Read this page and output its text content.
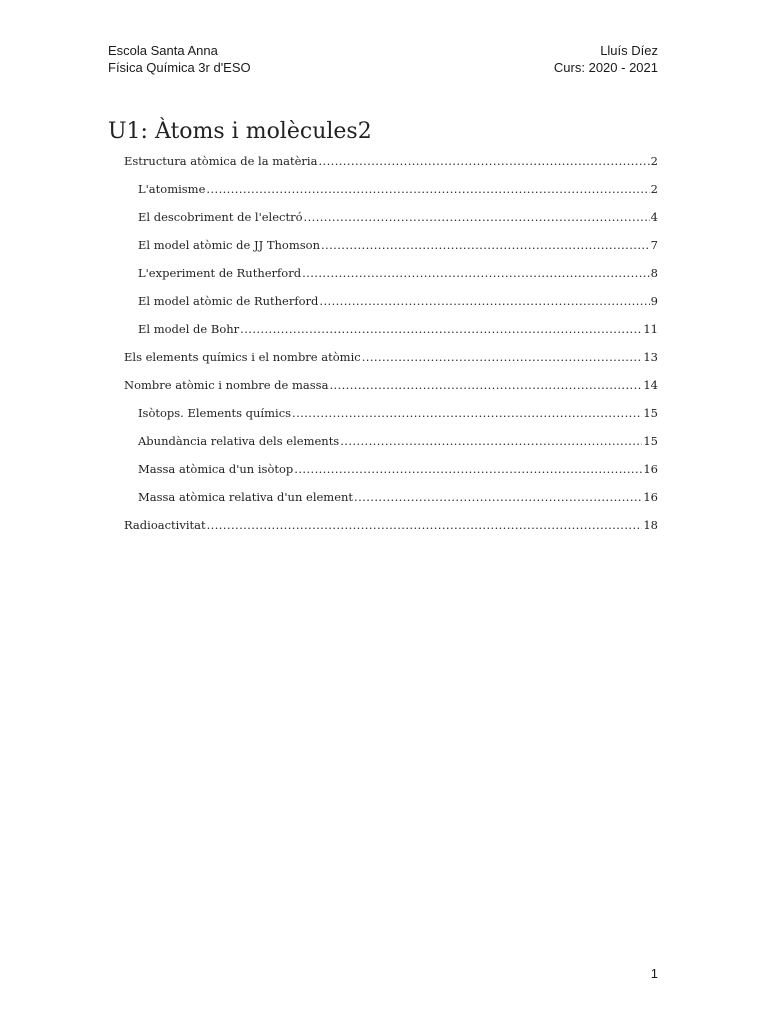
Escola Santa Anna	Lluís Díez
Física Química 3r d'ESO	Curs: 2020 - 2021
U1: Àtoms i molècules2
Estructura atòmica de la matèria .....	2
L'atomisme .....	2
El descobriment de l'electró .....	4
El model atòmic de JJ Thomson .....	7
L'experiment de Rutherford .....	8
El model atòmic de Rutherford .....	9
El model de Bohr .....	11
Els elements químics i el nombre atòmic .....	13
Nombre atòmic i nombre de massa .....	14
Isòtops. Elements químics .....	15
Abundància relativa dels elements .....	15
Massa atòmica d'un isòtop .....	16
Massa atòmica relativa d'un element .....	16
Radioactivitat .....	18
1
